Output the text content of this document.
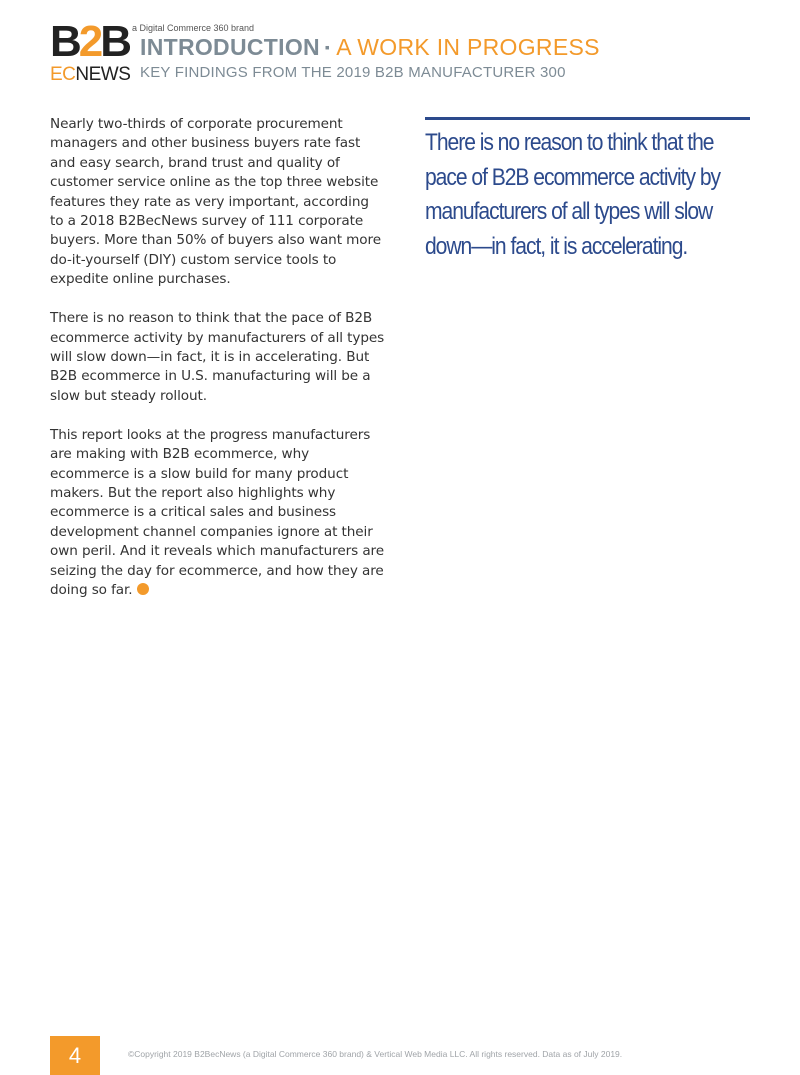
B2B
ECNEWS
a Digital Commerce 360 brand
INTRODUCTION ▪ A WORK IN PROGRESS
KEY FINDINGS FROM THE 2019 B2B MANUFACTURER 300

Nearly two-thirds of corporate procurement managers and other business buyers rate fast and easy search, brand trust and quality of customer service online as the top three website features they rate as very important, according to a 2018 B2BecNews survey of 111 corporate buyers. More than 50% of buyers also want more do-it-yourself (DIY) custom service tools to expedite online purchases.

There is no reason to think that the pace of B2B ecommerce activity by manufacturers of all types will slow down—in fact, it is in accelerating. But B2B ecommerce in U.S. manufacturing will be a slow but steady rollout.

This report looks at the progress manufacturers are making with B2B ecommerce, why ecommerce is a slow build for many product makers. But the report also highlights why ecommerce is a critical sales and business development channel companies ignore at their own peril. And it reveals which manufacturers are seizing the day for ecommerce, and how they are doing so far.

There is no reason to think that the pace of B2B ecommerce activity by manufacturers of all types will slow down—in fact, it is accelerating.
4	©Copyright 2019 B2BecNews (a Digital Commerce 360 brand) & Vertical Web Media LLC. All rights reserved. Data as of July 2019.
